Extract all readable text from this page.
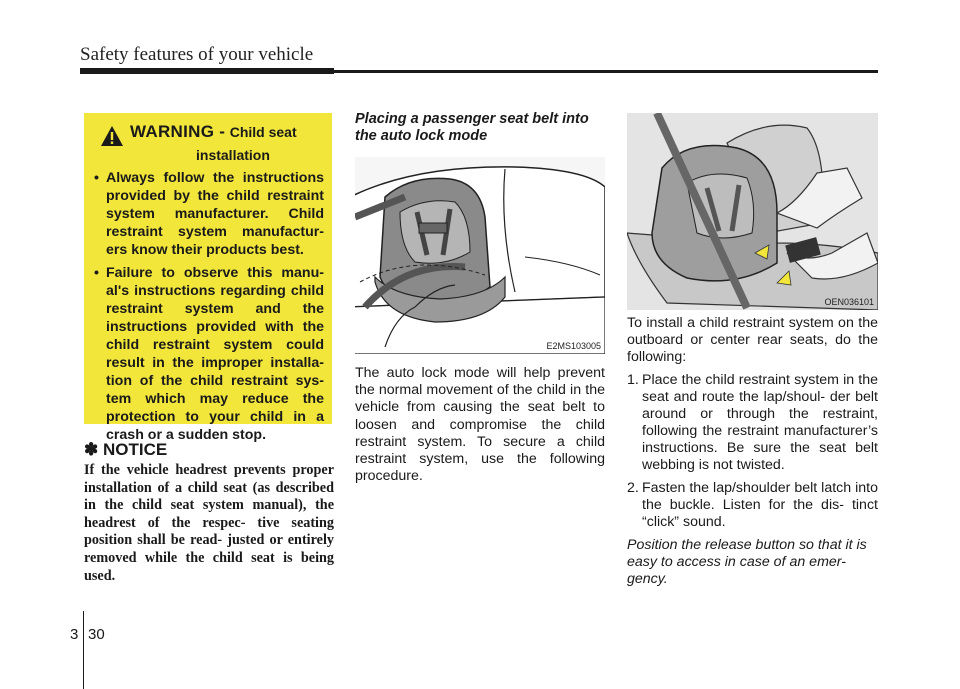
Safety features of your vehicle
WARNING - Child seat
installation
• Always follow the instructions provided by the child restraint system manufacturer. Child restraint system manufactur- ers know their products best.
• Failure to observe this manu- al's instructions regarding child restraint system and the instructions provided with the child restraint system could result in the improper installa- tion of the child restraint sys- tem which may reduce the protection to your child in a crash or a sudden stop.
✽ NOTICE
If the vehicle headrest prevents proper installation of a child seat (as described in the child seat system manual), the headrest of the respec- tive seating position shall be read- justed or entirely removed while the child seat is being used.
Placing a passenger seat belt into the auto lock mode
E2MS103005
The auto lock mode will help prevent the normal movement of the child in the vehicle from causing the seat belt to loosen and compromise the child restraint system. To secure a child restraint system, use the following procedure.
OEN036101

To install a child restraint system on the outboard or center rear seats, do the following:

1. Place the child restraint system in the seat and route the lap/shoul- der belt around or through the restraint, following the restraint manufacturer’s instructions. Be sure the seat belt webbing is not twisted.
2. Fasten the lap/shoulder belt latch into the buckle. Listen for the dis- tinct “click” sound.
Position the release button so that it is easy to access in case of an emer- gency.
3 30
